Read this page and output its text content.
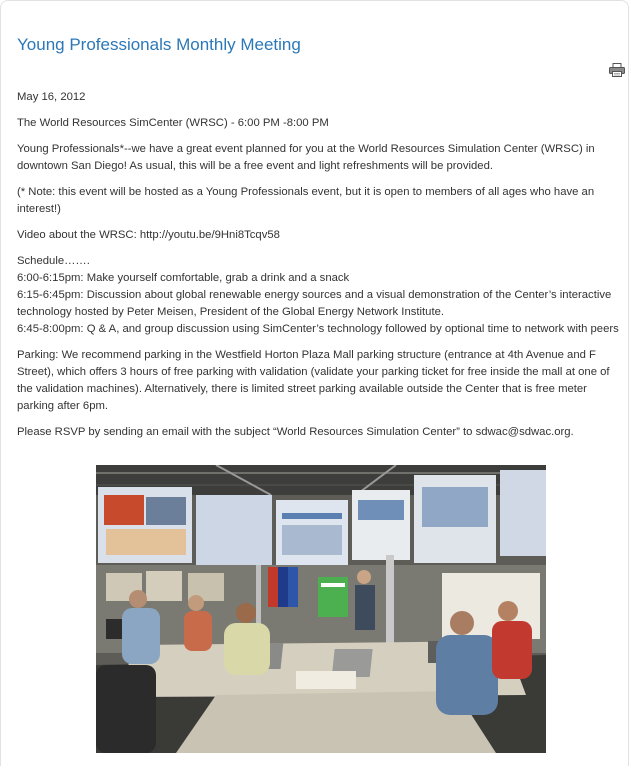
Young Professionals Monthly Meeting

May 16, 2012

The World Resources SimCenter (WRSC) - 6:00 PM -8:00 PM

Young Professionals*--we have a great event planned for you at the World Resources Simulation Center (WRSC) in downtown San Diego! As usual, this will be a free event and light refreshments will be provided.

(* Note: this event will be hosted as a Young Professionals event, but it is open to members of all ages who have an interest!)

Video about the WRSC: http://youtu.be/9Hni8Tcqv58

Schedule…….
6:00-6:15pm: Make yourself comfortable, grab a drink and a snack
6:15-6:45pm: Discussion about global renewable energy sources and a visual demonstration of the Center’s interactive technology hosted by Peter Meisen, President of the Global Energy Network Institute.
6:45-8:00pm: Q & A, and group discussion using SimCenter’s technology followed by optional time to network with peers

Parking: We recommend parking in the Westfield Horton Plaza Mall parking structure (entrance at 4th Avenue and F Street), which offers 3 hours of free parking with validation (validate your parking ticket for free inside the mall at one of the validation machines). Alternatively, there is limited street parking available outside the Center that is free meter parking after 6pm.

Please RSVP by sending an email with the subject “World Resources Simulation Center” to sdwac@sdwac.org.
